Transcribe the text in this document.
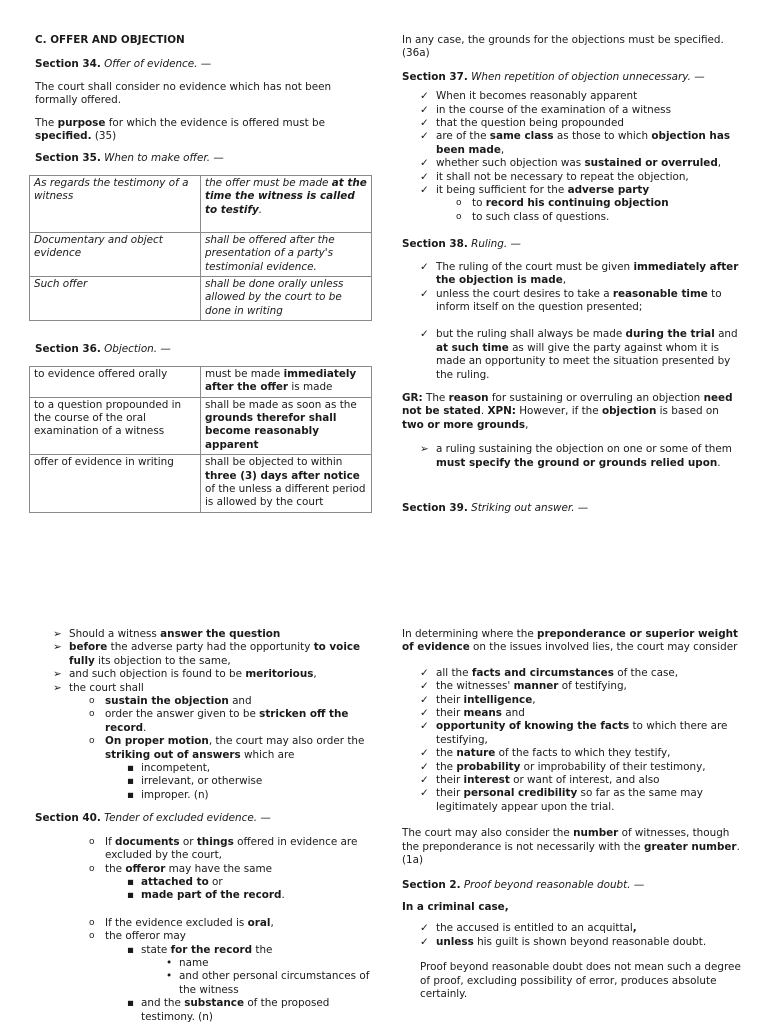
C. OFFER AND OBJECTION

Section 34. Offer of evidence. —

The court shall consider no evidence which has not been formally offered.

The purpose for which the evidence is offered must be specified. (35)

Section 35. When to make offer. —

As regards the testimony of a witness	the offer must be made at the time the witness is called to testify.
Documentary and object evidence	shall be offered after the presentation of a party's testimonial evidence.
Such offer	shall be done orally unless allowed by the court to be done in writing

Section 36. Objection. —

to evidence offered orally	must be made immediately after the offer is made
to a question propounded in the course of the oral examination of a witness	shall be made as soon as the grounds therefor shall become reasonably apparent
offer of evidence in writing	shall be objected to within three (3) days after notice of the unless a different period is allowed by the court

In any case, the grounds for the objections must be specified. (36a)

Section 37. When repetition of objection unnecessary. —

✓ When it becomes reasonably apparent
✓ in the course of the examination of a witness
✓ that the question being propounded
✓ are of the same class as those to which objection has been made,
✓ whether such objection was sustained or overruled,
✓ it shall not be necessary to repeat the objection,
✓ it being sufficient for the adverse party
o to record his continuing objection
o to such class of questions.

Section 38. Ruling. —

✓ The ruling of the court must be given immediately after the objection is made,
✓ unless the court desires to take a reasonable time to inform itself on the question presented;
✓ but the ruling shall always be made during the trial and at such time as will give the party against whom it is made an opportunity to meet the situation presented by the ruling.

GR: The reason for sustaining or overruling an objection need not be stated. XPN: However, if the objection is based on two or more grounds,

➢ a ruling sustaining the objection on one or some of them must specify the ground or grounds relied upon.

Section 39. Striking out answer. —

➢ Should a witness answer the question
➢ before the adverse party had the opportunity to voice fully its objection to the same,
➢ and such objection is found to be meritorious,
➢ the court shall
o sustain the objection and
o order the answer given to be stricken off the record.
o On proper motion, the court may also order the striking out of answers which are
▪ incompetent,
▪ irrelevant, or otherwise
▪ improper. (n)

Section 40. Tender of excluded evidence. —

o If documents or things offered in evidence are excluded by the court,
o the offeror may have the same
▪ attached to or
▪ made part of the record.
o If the evidence excluded is oral,
o the offeror may
▪ state for the record the
• name
• and other personal circumstances of the witness
▪ and the substance of the proposed testimony. (n)

In determining where the preponderance or superior weight of evidence on the issues involved lies, the court may consider

✓ all the facts and circumstances of the case,
✓ the witnesses' manner of testifying,
✓ their intelligence,
✓ their means and
✓ opportunity of knowing the facts to which there are testifying,
✓ the nature of the facts to which they testify,
✓ the probability or improbability of their testimony,
✓ their interest or want of interest, and also
✓ their personal credibility so far as the same may legitimately appear upon the trial.

The court may also consider the number of witnesses, though the preponderance is not necessarily with the greater number. (1a)

Section 2. Proof beyond reasonable doubt. —

In a criminal case,

✓ the accused is entitled to an acquittal,
✓ unless his guilt is shown beyond reasonable doubt.

Proof beyond reasonable doubt does not mean such a degree of proof, excluding possibility of error, produces absolute certainly.
